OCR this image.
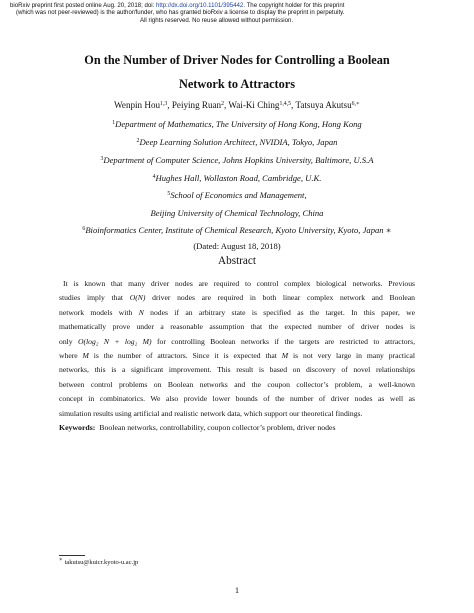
bioRxiv preprint first posted online Aug. 20, 2018; doi: http://dx.doi.org/10.1101/395442. The copyright holder for this preprint
(which was not peer-reviewed) is the author/funder, who has granted bioRxiv a license to display the preprint in perpetuity.
All rights reserved. No reuse allowed without permission.
On the Number of Driver Nodes for Controlling a Boolean
Network to Attractors
Wenpin Hou$^{1,3}$, Peiying Ruan$^2$, Wai-Ki Ching$^{1,4,5}$, Tatsuya Akutsu$^{6,∗}$
$^1$Department of Mathematics, The University of Hong Kong, Hong Kong
$^2$Deep Learning Solution Architect, NVIDIA, Tokyo, Japan
$^3$Department of Computer Science, Johns Hopkins University, Baltimore, U.S.A
$^4$Hughes Hall, Wollaston Road, Cambridge, U.K.
$^5$School of Economics and Management,
Beijing University of Chemical Technology, China
$^6$Bioinformatics Center, Institute of Chemical Research, Kyoto University, Kyoto, Japan ∗
(Dated: August 18, 2018)
Abstract
It is known that many driver nodes are required to control complex biological networks. Previous
studies imply that O(N) driver nodes are required in both linear complex network and Boolean
network models with N nodes if an arbitrary state is specified as the target. In this paper, we
mathematically prove under a reasonable assumption that the expected number of driver nodes is
only O(log₂ N + log₂ M) for controlling Boolean networks if the targets are restricted to attractors,
where M is the number of attractors. Since it is expected that M is not very large in many practical
networks, this is a significant improvement. This result is based on discovery of novel relationships
between control problems on Boolean networks and the coupon collector’s problem, a well-known
concept in combinatorics. We also provide lower bounds of the number of driver nodes as well as
simulation results using artificial and realistic network data, which support our theoretical findings.
Keywords: Boolean networks, controllability, coupon collector’s problem, driver nodes
∗ takutsu@kuicr.kyoto-u.ac.jp
1
